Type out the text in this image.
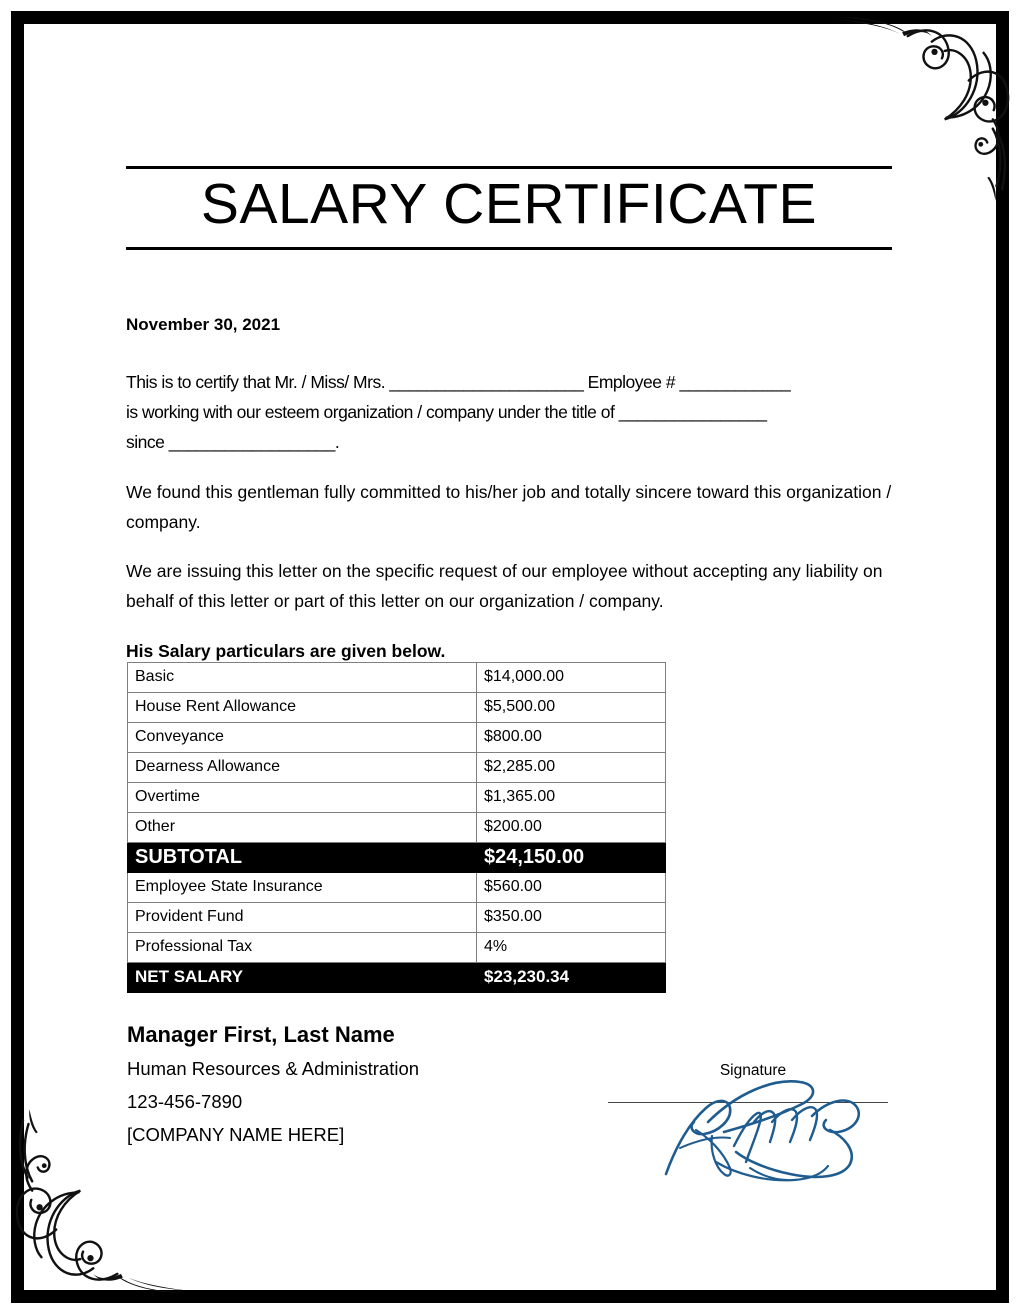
SALARY CERTIFICATE
November 30, 2021
This is to certify that Mr. / Miss/ Mrs. _____________________ Employee # ____________
is working with our esteem organization / company under the title of ________________
since __________________.
We found this gentleman fully committed to his/her job and totally sincere toward this organization / company.
We are issuing this letter on the specific request of our employee without accepting any liability on behalf of this letter or part of this letter on our organization / company.
His Salary particulars are given below.
Basic	$14,000.00
House Rent Allowance	$5,500.00
Conveyance	$800.00
Dearness Allowance	$2,285.00
Overtime	$1,365.00
Other	$200.00
SUBTOTAL	$24,150.00
Employee State Insurance	$560.00
Provident Fund	$350.00
Professional Tax	4%
NET SALARY	$23,230.34
Manager First, Last Name
Human Resources & Administration
123-456-7890
[COMPANY NAME HERE]
Signature
